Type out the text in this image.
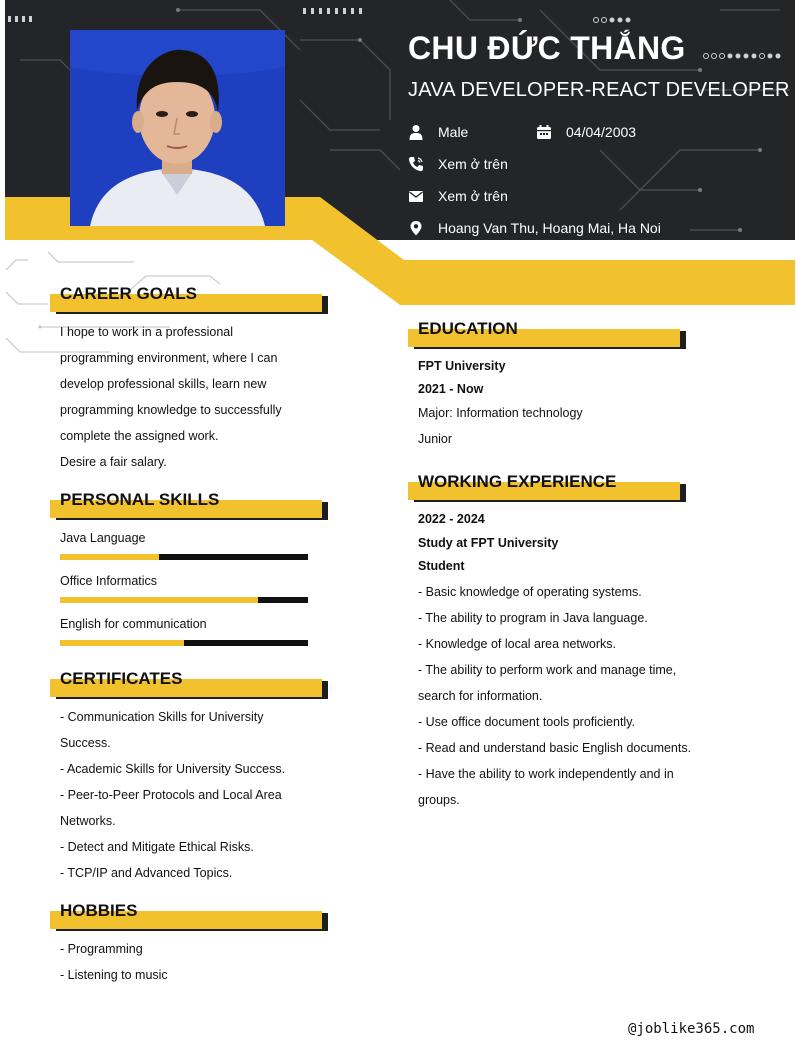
CHU ĐỨC THẮNG
JAVA DEVELOPER-REACT DEVELOPER
Male	04/04/2003
Xem ở trên
Xem ở trên
Hoang Van Thu, Hoang Mai, Ha Noi
CAREER GOALS
I hope to work in a professional
programming environment, where I can
develop professional skills, learn new
programming knowledge to successfully
complete the assigned work.
Desire a fair salary.
PERSONAL SKILLS
Java Language
Office Informatics
English for communication
CERTIFICATES
- Communication Skills for University
Success.
- Academic Skills for University Success.
- Peer-to-Peer Protocols and Local Area
Networks.
- Detect and Mitigate Ethical Risks.
- TCP/IP and Advanced Topics.
HOBBIES
- Programming
- Listening to music
EDUCATION
FPT University
2021 - Now
Major: Information technology
Junior
WORKING EXPERIENCE
2022 - 2024
Study at FPT University
Student
- Basic knowledge of operating systems.
- The ability to program in Java language.
- Knowledge of local area networks.
- The ability to perform work and manage time,
search for information.
- Use office document tools proficiently.
- Read and understand basic English documents.
- Have the ability to work independently and in
groups.
@joblike365.com
